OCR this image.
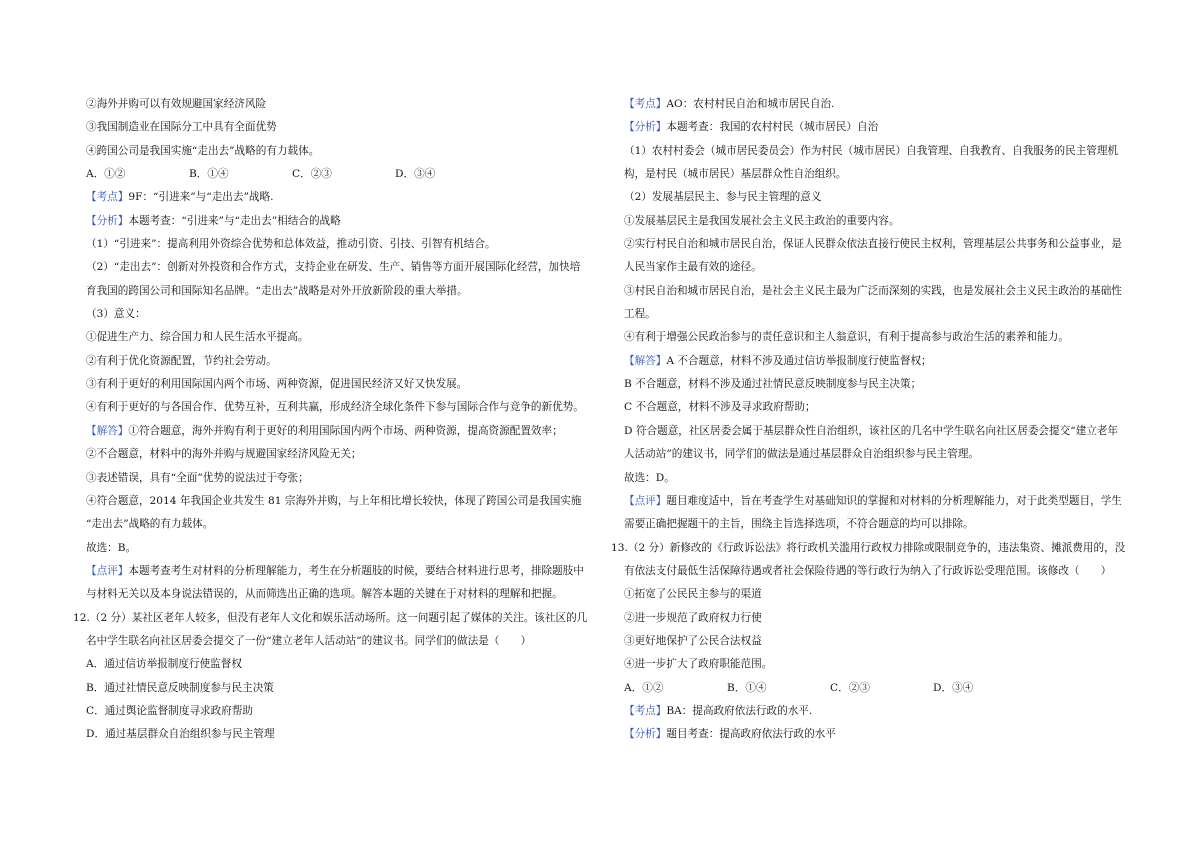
②海外并购可以有效规避国家经济风险
③我国制造业在国际分工中具有全面优势
④跨国公司是我国实施“走出去”战略的有力载体。
A．①②	B．①④	C．②③	D．③④
【考点】9F：“引进来”与“走出去”战略.
【分析】本题考查：“引进来”与“走出去”相结合的战略
（1）“引进来”：提高利用外资综合优势和总体效益，推动引资、引技、引智有机结合。
（2）“走出去”：创新对外投资和合作方式，支持企业在研发、生产、销售等方面开展国际化经营，加快培
育我国的跨国公司和国际知名品牌。“走出去”战略是对外开放新阶段的重大举措。
（3）意义：
①促进生产力、综合国力和人民生活水平提高。
②有利于优化资源配置，节约社会劳动。
③有利于更好的利用国际国内两个市场、两种资源，促进国民经济又好又快发展。
④有利于更好的与各国合作、优势互补，互利共赢，形成经济全球化条件下参与国际合作与竞争的新优势。
【解答】①符合题意，海外并购有利于更好的利用国际国内两个市场、两种资源，提高资源配置效率；
②不合题意，材料中的海外并购与规避国家经济风险无关；
③表述错误，具有“全面”优势的说法过于夸张；
④符合题意，2014 年我国企业共发生 81 宗海外并购，与上年相比增长较快，体现了跨国公司是我国实施
“走出去”战略的有力载体。
故选：B。
【点评】本题考查考生对材料的分析理解能力，考生在分析题肢的时候，要结合材料进行思考，排除题肢中
与材料无关以及本身说法错误的，从而筛选出正确的选项。解答本题的关键在于对材料的理解和把握。
12.（2 分）某社区老年人较多，但没有老年人文化和娱乐活动场所。这一问题引起了媒体的关注。该社区的几
名中学生联名向社区居委会提交了一份“建立老年人活动站”的建议书。同学们的做法是（　　）
A．通过信访举报制度行使监督权
B．通过社情民意反映制度参与民主决策
C．通过舆论监督制度寻求政府帮助
D．通过基层群众自治组织参与民主管理
【考点】AO：农村村民自治和城市居民自治.
【分析】本题考查：我国的农村村民（城市居民）自治
（1）农村村委会（城市居民委员会）作为村民（城市居民）自我管理、自我教育、自我服务的民主管理机
构，是村民（城市居民）基层群众性自治组织。
（2）发展基层民主、参与民主管理的意义
①发展基层民主是我国发展社会主义民主政治的重要内容。
②实行村民自治和城市居民自治，保证人民群众依法直接行使民主权利，管理基层公共事务和公益事业，是
人民当家作主最有效的途径。
③村民自治和城市居民自治，是社会主义民主最为广泛而深刻的实践，也是发展社会主义民主政治的基础性
工程。
④有利于增强公民政治参与的责任意识和主人翁意识，有利于提高参与政治生活的素养和能力。
【解答】A 不合题意，材料不涉及通过信访举报制度行使监督权；
B 不合题意，材料不涉及通过社情民意反映制度参与民主决策；
C 不合题意，材料不涉及寻求政府帮助；
D 符合题意，社区居委会属于基层群众性自治组织，该社区的几名中学生联名向社区居委会提交“建立老年
人活动站”的建议书，同学们的做法是通过基层群众自治组织参与民主管理。
故选：D。
【点评】题目难度适中，旨在考查学生对基础知识的掌握和对材料的分析理解能力，对于此类型题目，学生
需要正确把握题干的主旨，围绕主旨选择选项，不符合题意的均可以排除。
13.（2 分）新修改的《行政诉讼法》将行政机关滥用行政权力排除或限制竞争的，违法集资、摊派费用的，没
有依法支付最低生活保障待遇或者社会保险待遇的等行政行为纳入了行政诉讼受理范围。该修改（　　）
①拓宽了公民民主参与的渠道
②进一步规范了政府权力行使
③更好地保护了公民合法权益
④进一步扩大了政府职能范围。
A．①②	B．①④	C．②③	D．③④
【考点】BA：提高政府依法行政的水平.
【分析】题目考查：提高政府依法行政的水平
